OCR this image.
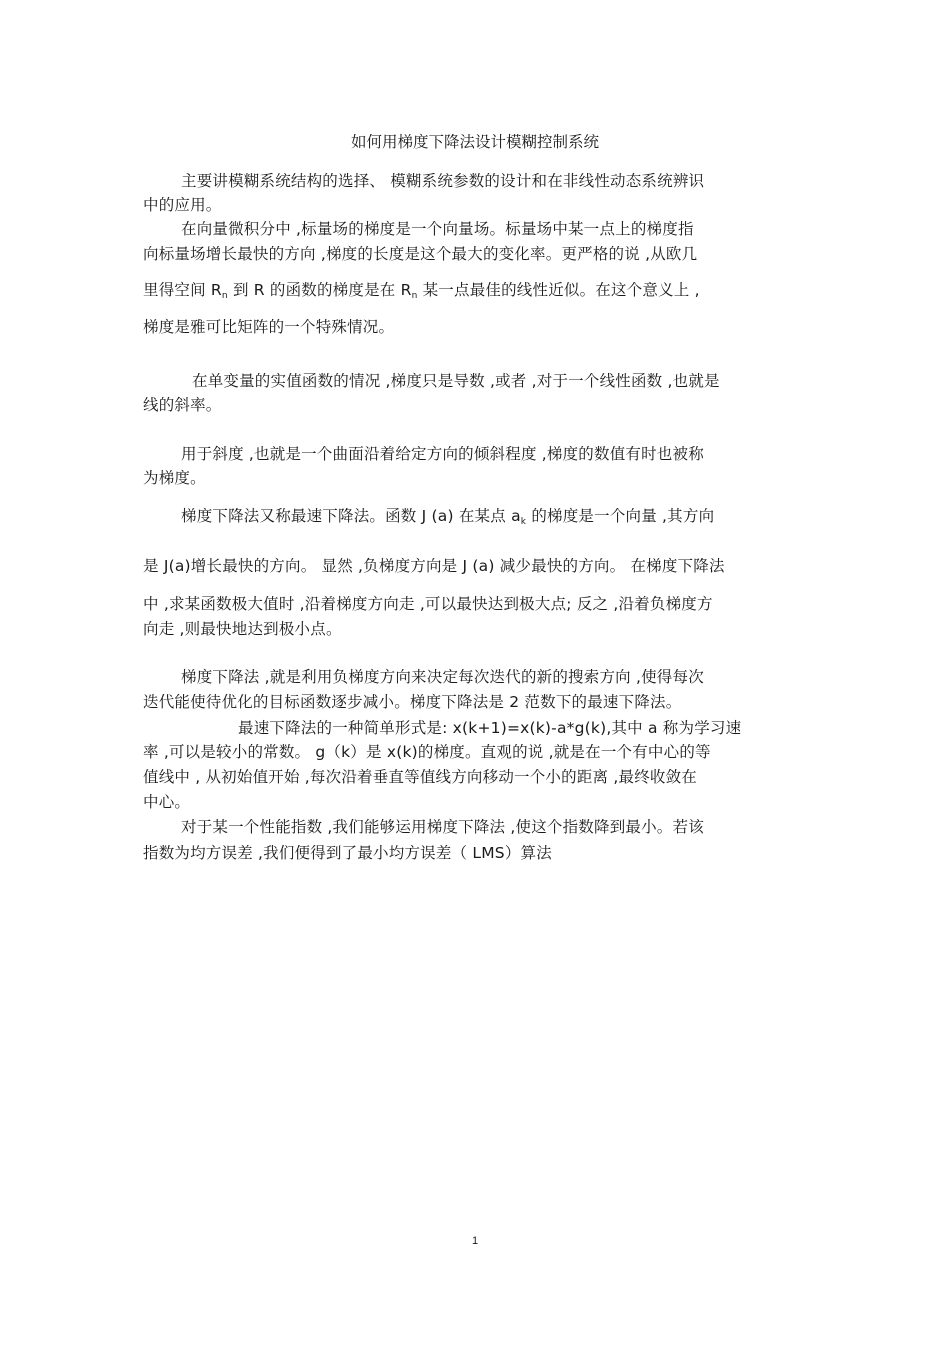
如何用梯度下降法设计模糊控制系统
主要讲模糊系统结构的选择、 模糊系统参数的设计和在非线性动态系统辨识
中的应用。
在向量微积分中 ,标量场的梯度是一个向量场。标量场中某一点上的梯度指
向标量场增长最快的方向 ,梯度的长度是这个最大的变化率。更严格的说 ,从欧几
里得空间 $R_n$ 到 R 的函数的梯度是在 $R_n$ 某一点最佳的线性近似。在这个意义上 ,
梯度是雅可比矩阵的一个特殊情况。
在单变量的实值函数的情况 ,梯度只是导数 ,或者 ,对于一个线性函数 ,也就是
线的斜率。
用于斜度 ,也就是一个曲面沿着给定方向的倾斜程度 ,梯度的数值有时也被称
为梯度。
梯度下降法又称最速下降法。函数 J (a) 在某点 $a_k$ 的梯度是一个向量 ,其方向
是 J(a)增长最快的方向。 显然 ,负梯度方向是 J (a) 减少最快的方向。 在梯度下降法
中 ,求某函数极大值时 ,沿着梯度方向走 ,可以最快达到极大点; 反之 ,沿着负梯度方
向走 ,则最快地达到极小点。
梯度下降法 ,就是利用负梯度方向来决定每次迭代的新的搜索方向 ,使得每次
迭代能使待优化的目标函数逐步减小。梯度下降法是 2 范数下的最速下降法。
最速下降法的一种简单形式是: x(k+1)=x(k)-a*g(k),其中 a 称为学习速
率 ,可以是较小的常数。 g（k）是 x(k)的梯度。直观的说 ,就是在一个有中心的等
值线中 , 从初始值开始 ,每次沿着垂直等值线方向移动一个小的距离 ,最终收敛在
中心。
对于某一个性能指数 ,我们能够运用梯度下降法 ,使这个指数降到最小。若该
指数为均方误差 ,我们便得到了最小均方误差（ LMS）算法
1
